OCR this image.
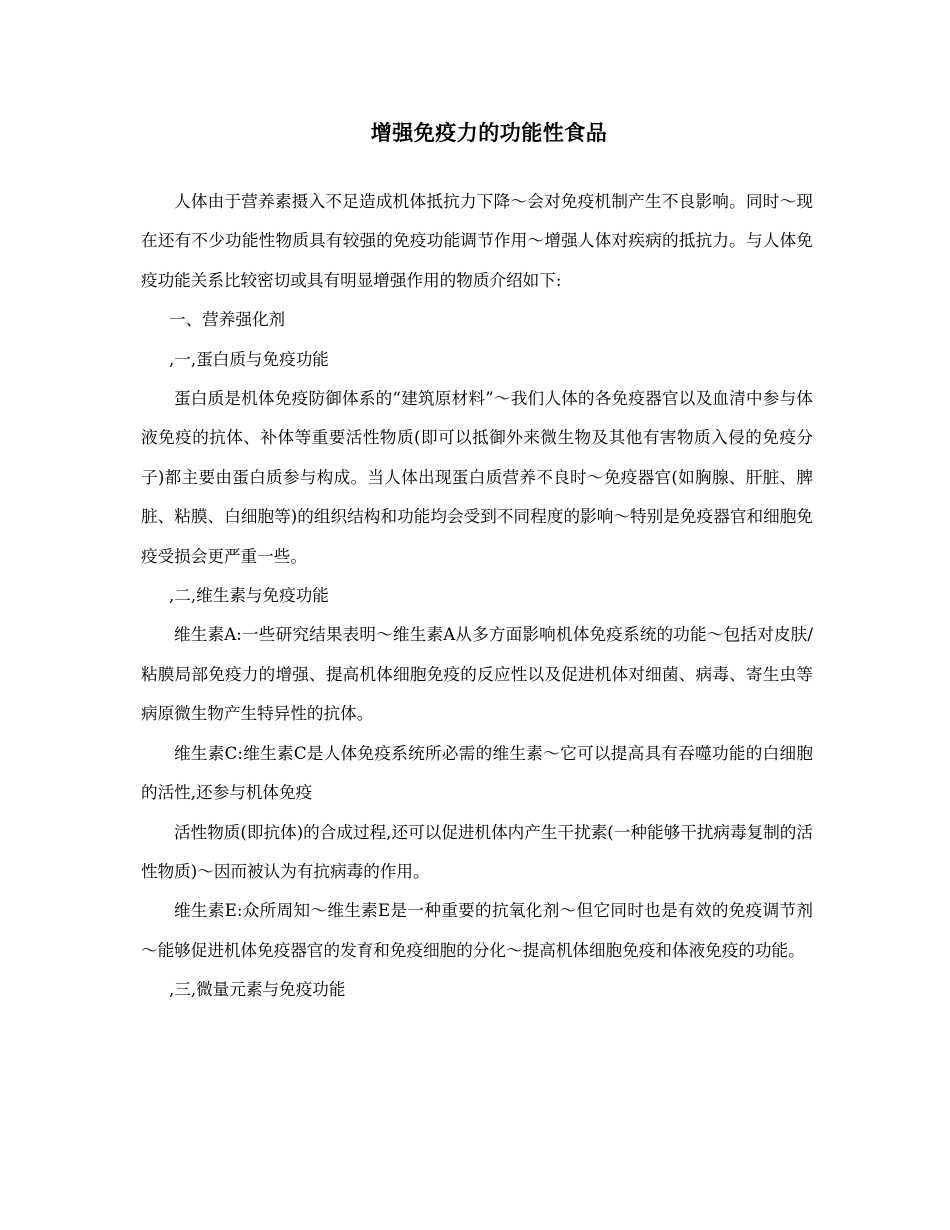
增强免疫力的功能性食品

人体由于营养素摄入不足造成机体抵抗力下降～会对免疫机制产生不良影响。同时～现在还有不少功能性物质具有较强的免疫功能调节作用～增强人体对疾病的抵抗力。与人体免疫功能关系比较密切或具有明显增强作用的物质介绍如下:

一、营养强化剂

,一,蛋白质与免疫功能

蛋白质是机体免疫防御体系的“建筑原材料”～我们人体的各免疫器官以及血清中参与体液免疫的抗体、补体等重要活性物质(即可以抵御外来微生物及其他有害物质入侵的免疫分子)都主要由蛋白质参与构成。当人体出现蛋白质营养不良时～免疫器官(如胸腺、肝脏、脾脏、粘膜、白细胞等)的组织结构和功能均会受到不同程度的影响～特别是免疫器官和细胞免疫受损会更严重一些。

,二,维生素与免疫功能

维生素A:一些研究结果表明～维生素A从多方面影响机体免疫系统的功能～包括对皮肤/粘膜局部免疫力的增强、提高机体细胞免疫的反应性以及促进机体对细菌、病毒、寄生虫等病原微生物产生特异性的抗体。

维生素C:维生素C是人体免疫系统所必需的维生素～它可以提高具有吞噬功能的白细胞的活性,还参与机体免疫

活性物质(即抗体)的合成过程,还可以促进机体内产生干扰素(一种能够干扰病毒复制的活性物质)～因而被认为有抗病毒的作用。

维生素E:众所周知～维生素E是一种重要的抗氧化剂～但它同时也是有效的免疫调节剂～能够促进机体免疫器官的发育和免疫细胞的分化～提高机体细胞免疫和体液免疫的功能。

,三,微量元素与免疫功能
